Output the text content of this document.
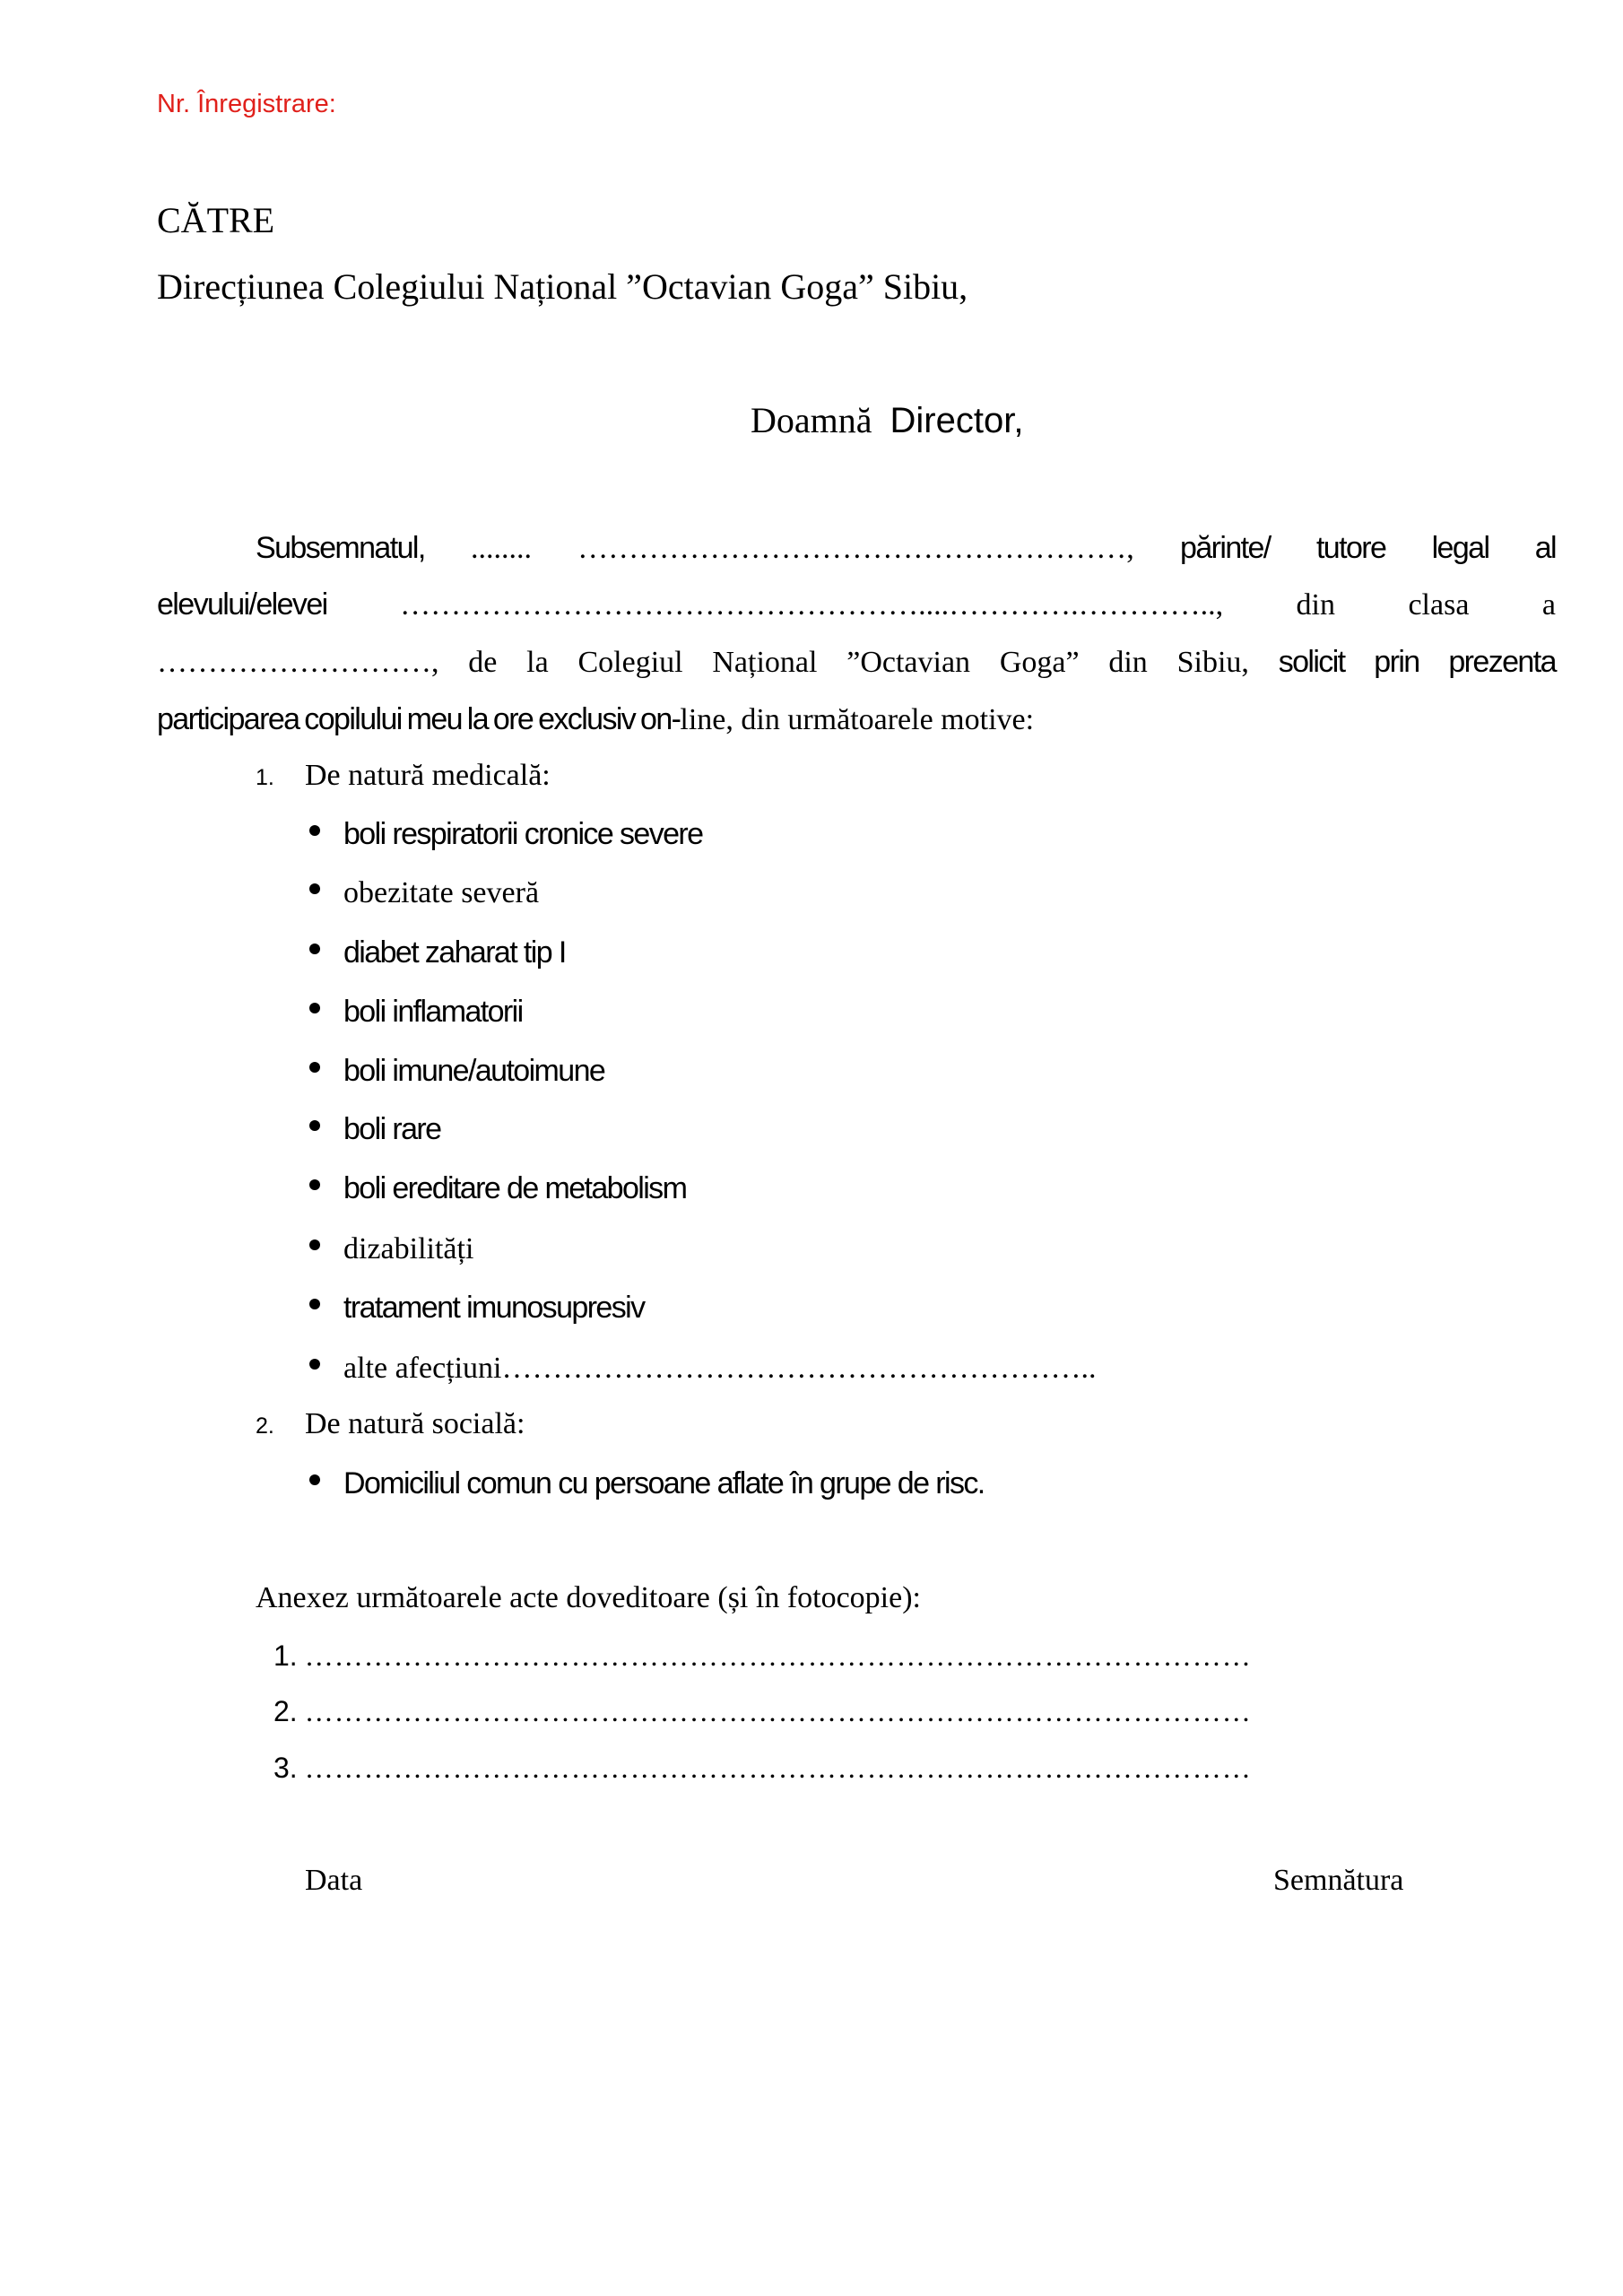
Nr. Înregistrare:
CĂTRE
Direcțiunea Colegiului Național ”Octavian Goga” Sibiu,
Doamnă Director,
Subsemnatul, ........ ………………………………………………, părinte/ tutore legal al
elevului/elevei ……………………………………………....………….………….., din clasa a
………………………, de la Colegiul Național ”Octavian Goga” din Sibiu, solicit prin prezenta
participarea copilului meu la ore exclusiv on- line, din următoarele motive:
1.	De natură medicală:
boli respiratorii cronice severe
obezitate severă
diabet zaharat tip I
boli inflamatorii
boli imune/autoimune
boli rare
boli ereditare de metabolism
dizabilități
tratament imunosupresiv
alte afecțiuni…………………………………………………..
2.	De natură socială:
Domiciliul comun cu persoane aflate în grupe de risc.
Anexez următoarele acte doveditoare (și în fotocopie):
1. ……………………………………………………………………………………
2. ……………………………………………………………………………………
3. ……………………………………………………………………………………
Data	Semnătura
